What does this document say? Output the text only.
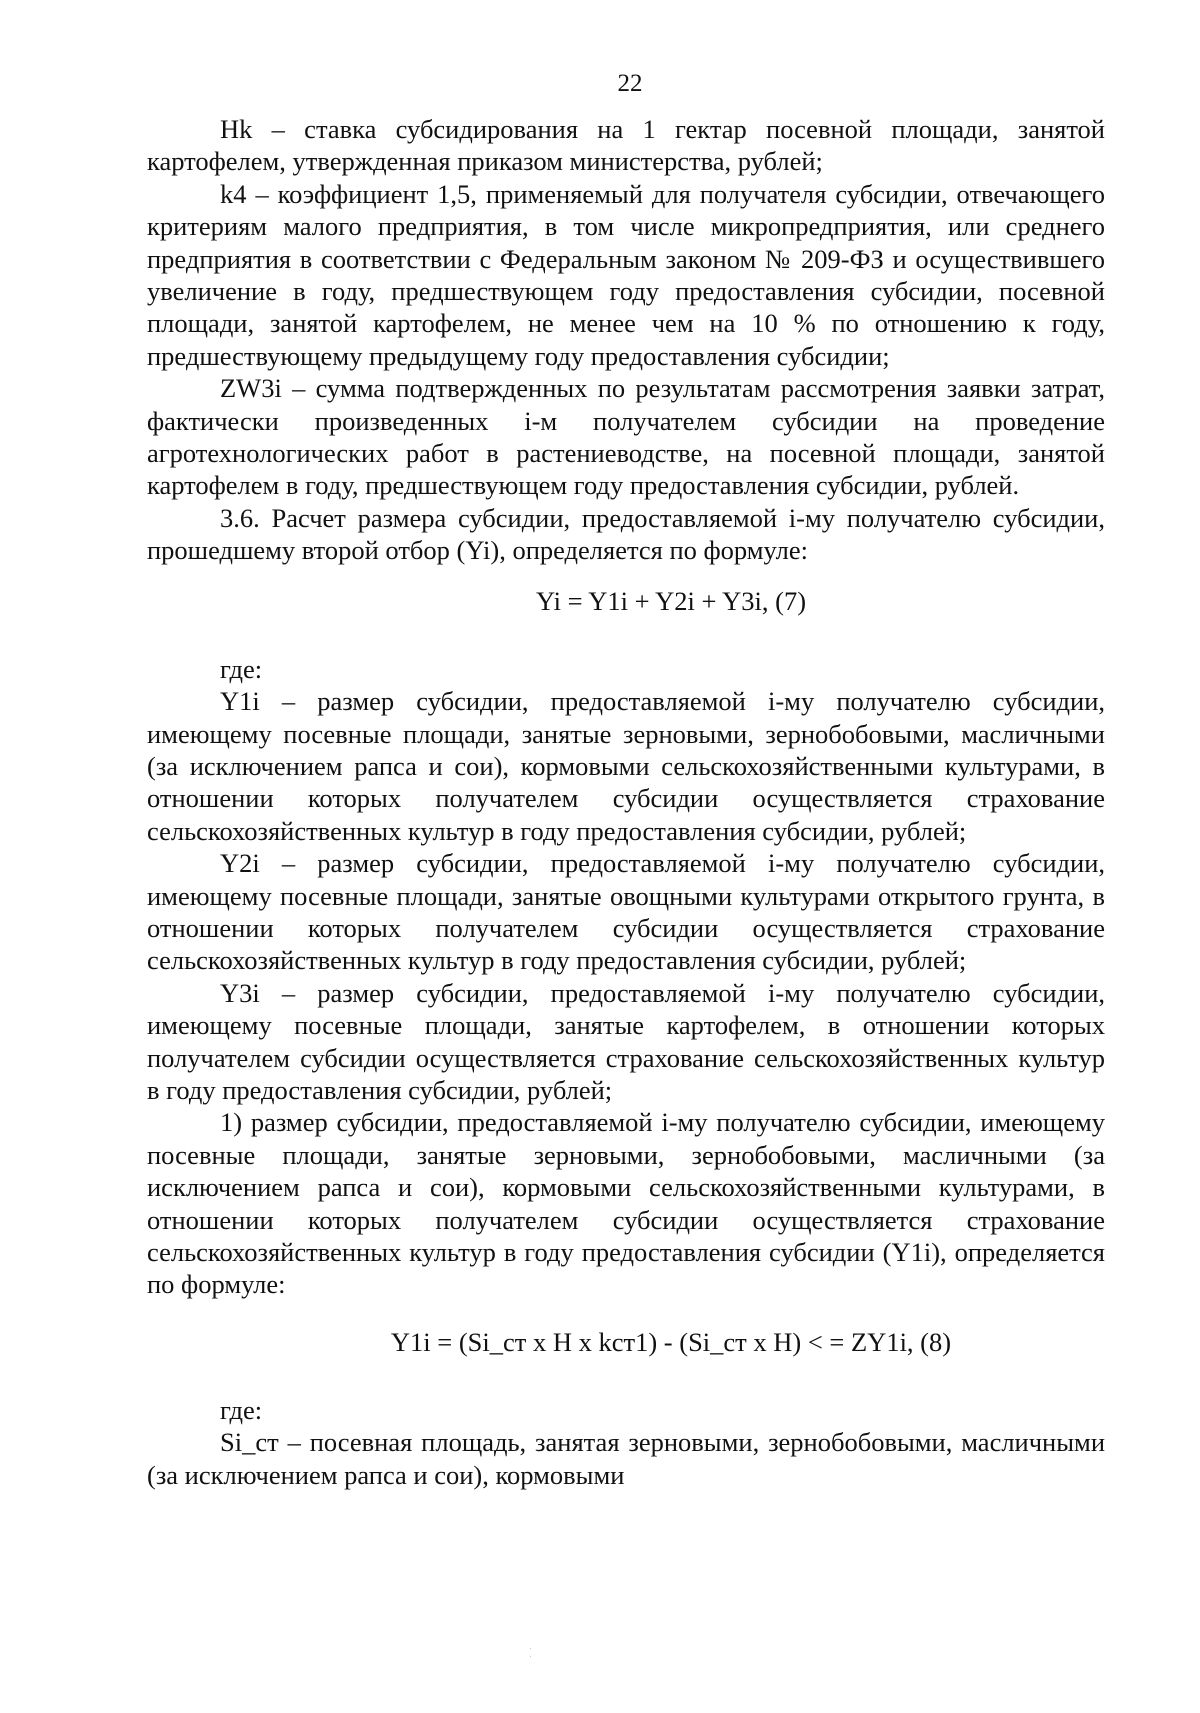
22

Hk – ставка субсидирования на 1 гектар посевной площади, занятой картофелем, утвержденная приказом министерства, рублей;

k4 – коэффициент 1,5, применяемый для получателя субсидии, отвечающего критериям малого предприятия, в том числе микропредприятия, или среднего предприятия в соответствии с Федеральным законом № 209-ФЗ и осуществившего увеличение в году, предшествующем году предоставления субсидии, посевной площади, занятой картофелем, не менее чем на 10 % по отношению к году, предшествующему предыдущему году предоставления субсидии;

ZW3i – сумма подтвержденных по результатам рассмотрения заявки затрат, фактически произведенных i-м получателем субсидии на проведение агротехнологических работ в растениеводстве, на посевной площади, занятой картофелем в году, предшествующем году предоставления субсидии, рублей.

3.6. Расчет размера субсидии, предоставляемой i-му получателю субсидии, прошедшему второй отбор (Yi), определяется по формуле:

Yi = Y1i + Y2i + Y3i, (7)

где:

Y1i – размер субсидии, предоставляемой i-му получателю субсидии, имеющему посевные площади, занятые зерновыми, зернобобовыми, масличными (за исключением рапса и сои), кормовыми сельскохозяйственными культурами, в отношении которых получателем субсидии осуществляется страхование сельскохозяйственных культур в году предоставления субсидии, рублей;

Y2i – размер субсидии, предоставляемой i-му получателю субсидии, имеющему посевные площади, занятые овощными культурами открытого грунта, в отношении которых получателем субсидии осуществляется страхование сельскохозяйственных культур в году предоставления субсидии, рублей;

Y3i – размер субсидии, предоставляемой i-му получателю субсидии, имеющему посевные площади, занятые картофелем, в отношении которых получателем субсидии осуществляется страхование сельскохозяйственных культур в году предоставления субсидии, рублей;

1) размер субсидии, предоставляемой i-му получателю субсидии, имеющему посевные площади, занятые зерновыми, зернобобовыми, масличными (за исключением рапса и сои), кормовыми сельскохозяйственными культурами, в отношении которых получателем субсидии осуществляется страхование сельскохозяйственных культур в году предоставления субсидии (Y1i), определяется по формуле:

Y1i = (Si_ст x H x kст1) - (Si_ст x H) < = ZY1i, (8)

где:

Si_ст – посевная площадь, занятая зерновыми, зернобобовыми, масличными (за исключением рапса и сои), кормовыми
